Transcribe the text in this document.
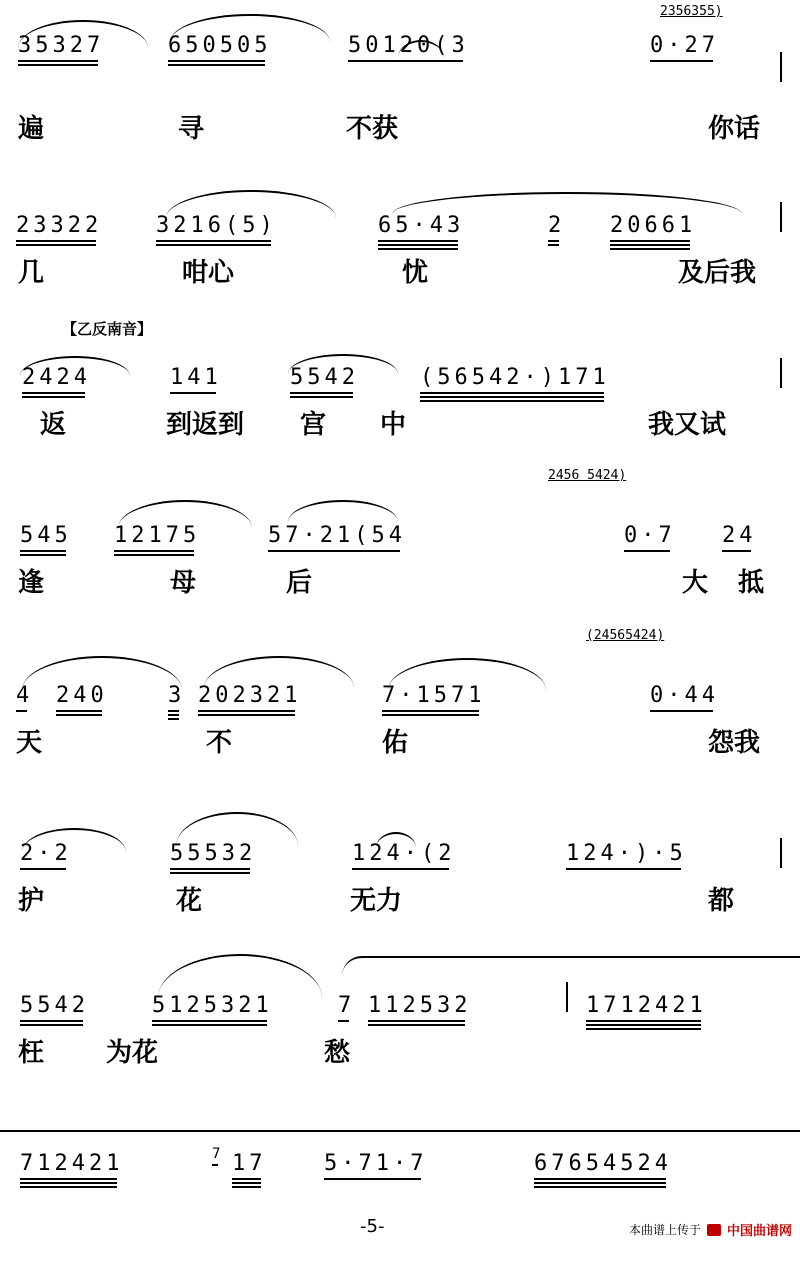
2356355)
35327	650505	50120(3	0·27
遍	寻	不获	你话
23322 3216(5)	65·43	2 20661
几	咁心	忧	及后我
【乙反南音】
2424	141	5542	(56542·)171
返	到返到 宫 中	我又试
2456 5424)
545 12175	57·21(54	0·7 24
逢	母	后	大 抵
(24565424)
4 240	3 202321	7·1571	0·44
天	不	佑	怨我
2·2	55532	124·(2	124·)·5
护	花	无力	都
5542	5125321	7 112532	1712421
枉 为花	愁
712421	7 17	5·71·7	67654524
-5-	本曲谱上传于 中国曲谱网
